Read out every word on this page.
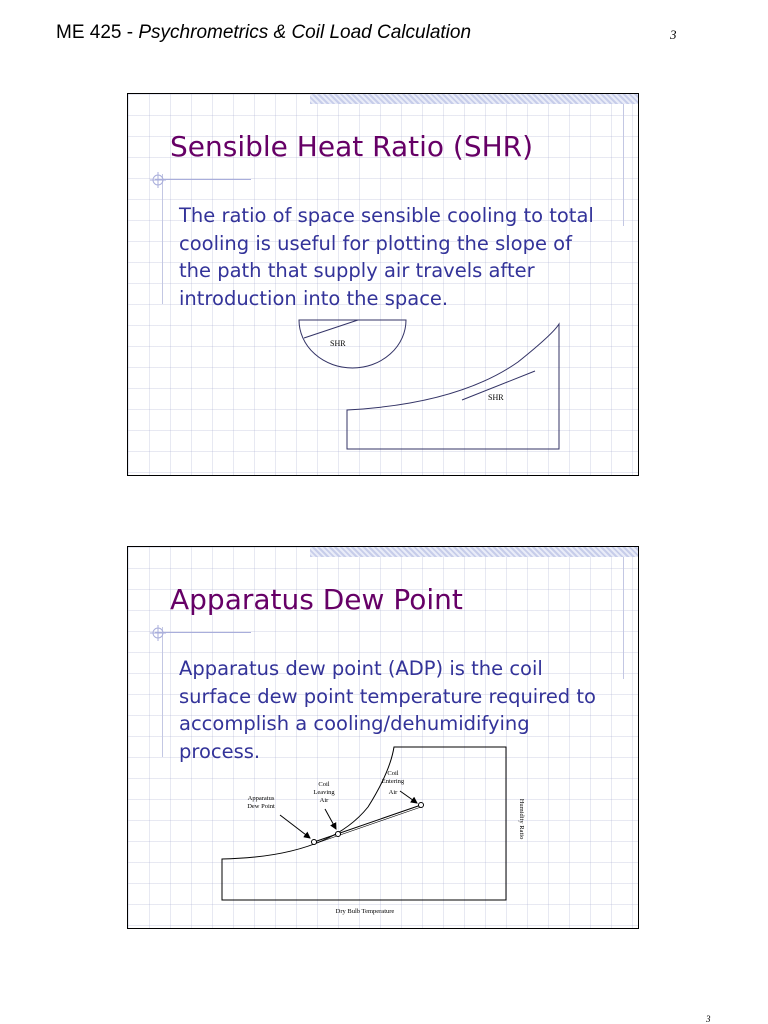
ME 425 - Psychrometrics & Coil Load Calculation	3
Sensible Heat Ratio (SHR)
The ratio of space sensible cooling to total cooling is useful for plotting the slope of the path that supply air travels after introduction into the space.
SHR
SHR
Apparatus Dew Point
Apparatus dew point (ADP) is the coil surface dew point temperature required to accomplish a cooling/dehumidifying process.
Apparatus
Dew Point
Coil
Leaving
Air
Coil
Entering
Air
Humidity Ratio
Dry Bulb Temperature
3
